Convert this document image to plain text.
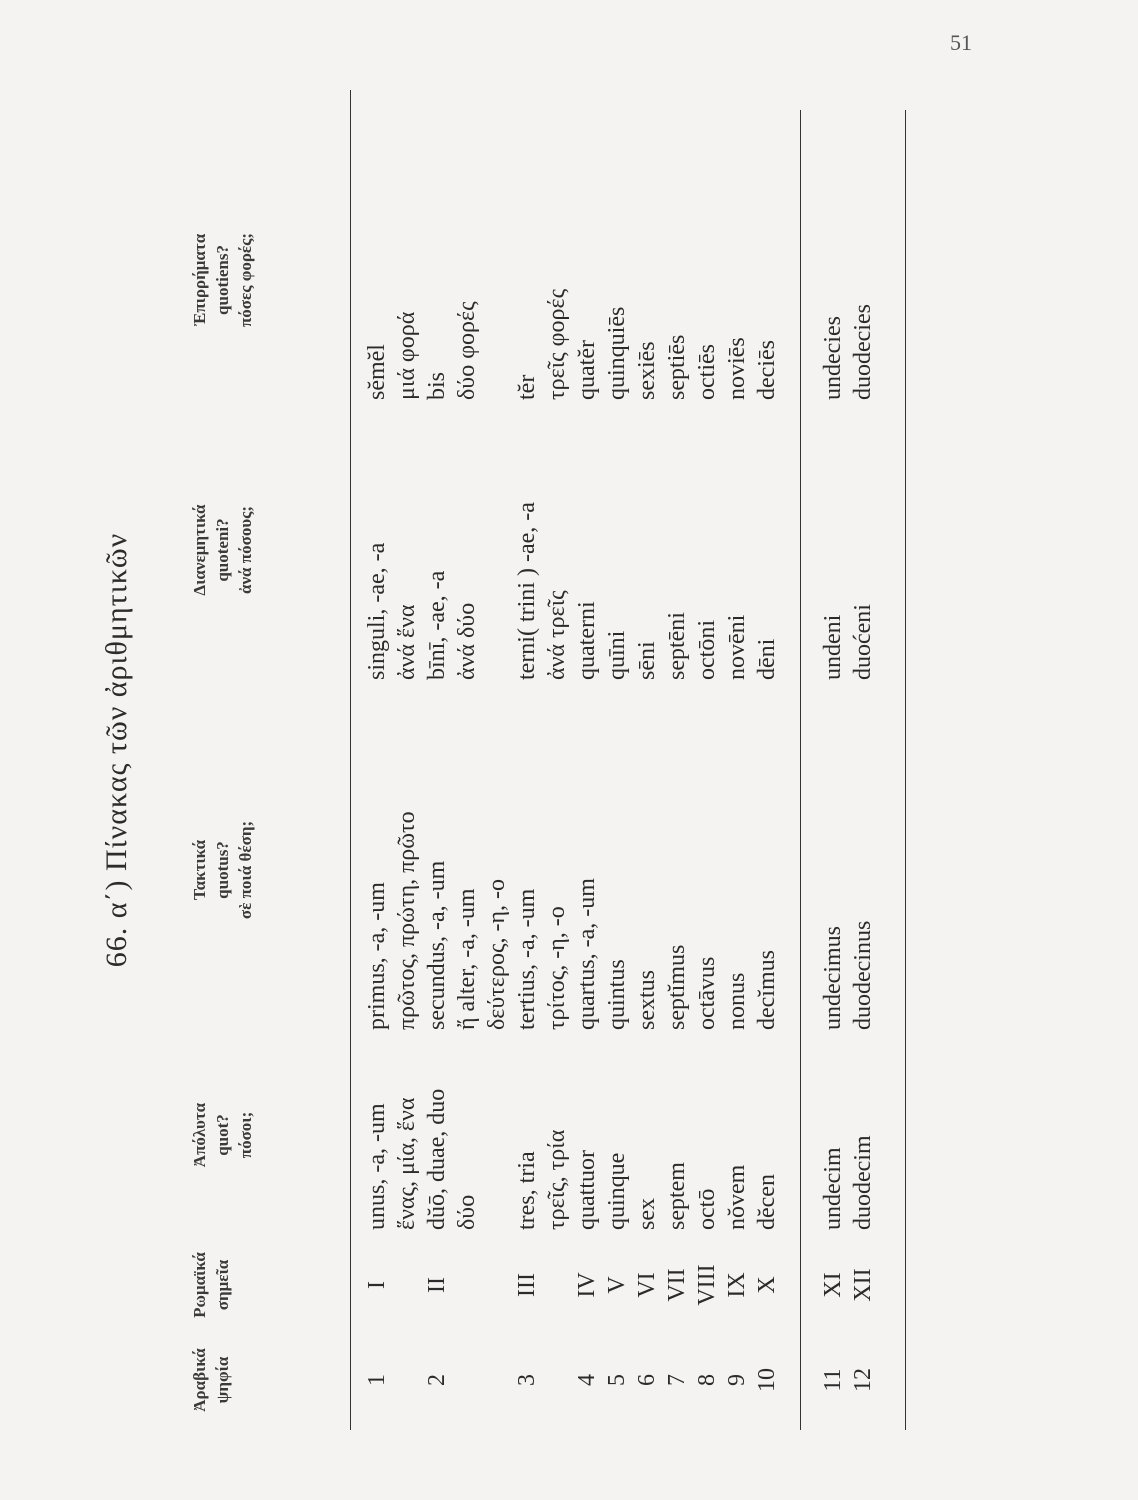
51
66. α΄) Πίνακας τῶν ἀριθμητικῶν
Ἀραβικά ψηφία
Ρωμαϊκά σημεῖα
Ἀπόλυτα quot? πόσοι;
Τακτικά quotus? σὲ ποιά θέση;
Διανεμητικά quoteni? ἀνά πόσους;
Ἐπιρρήματα quotiens? πόσες φορές;
1
I
unus, -a, -um
primus, -a, -um
singuli, -ae, -a
sĕmĕl
ἕνας, μία, ἕνα
πρῶτος, πρώτη, πρῶτο
ἀνά ἕνα
μιά φορά
2
II
dŭō, duae, duo
secundus, -a, -um
bīnī, -ae, -a
bis
δύο
ἤ alter, -a, -um
ἀνά δύο
δύο φορές
δεύτερος, -η, -ο
3
III
tres, tria
tertius, -a, -um
terni( trini ) -ae, -a
tĕr
τρεῖς, τρία
τρίτος, -η, -ο
ἀνά τρεῖς
τρεῖς φορές
4
IV
quattuor
quartus, -a, -um
quaterni
quatĕr
5
V
quinque
quintus
quīni
quinquiēs
6
VI
sex
sextus
sēni
sexiēs
7
VII
septem
septĭmus
septēni
septiēs
8
VIII
octō
octāvus
octōni
octiēs
9
IX
nŏvem
nonus
novēni
noviēs
10
X
dĕcen
decĭmus
dēni
deciēs
11
XI
undecim
undecimus
undeni
undecies
12
XII
duodecim
duodecinus
duoćeni
duodecies
